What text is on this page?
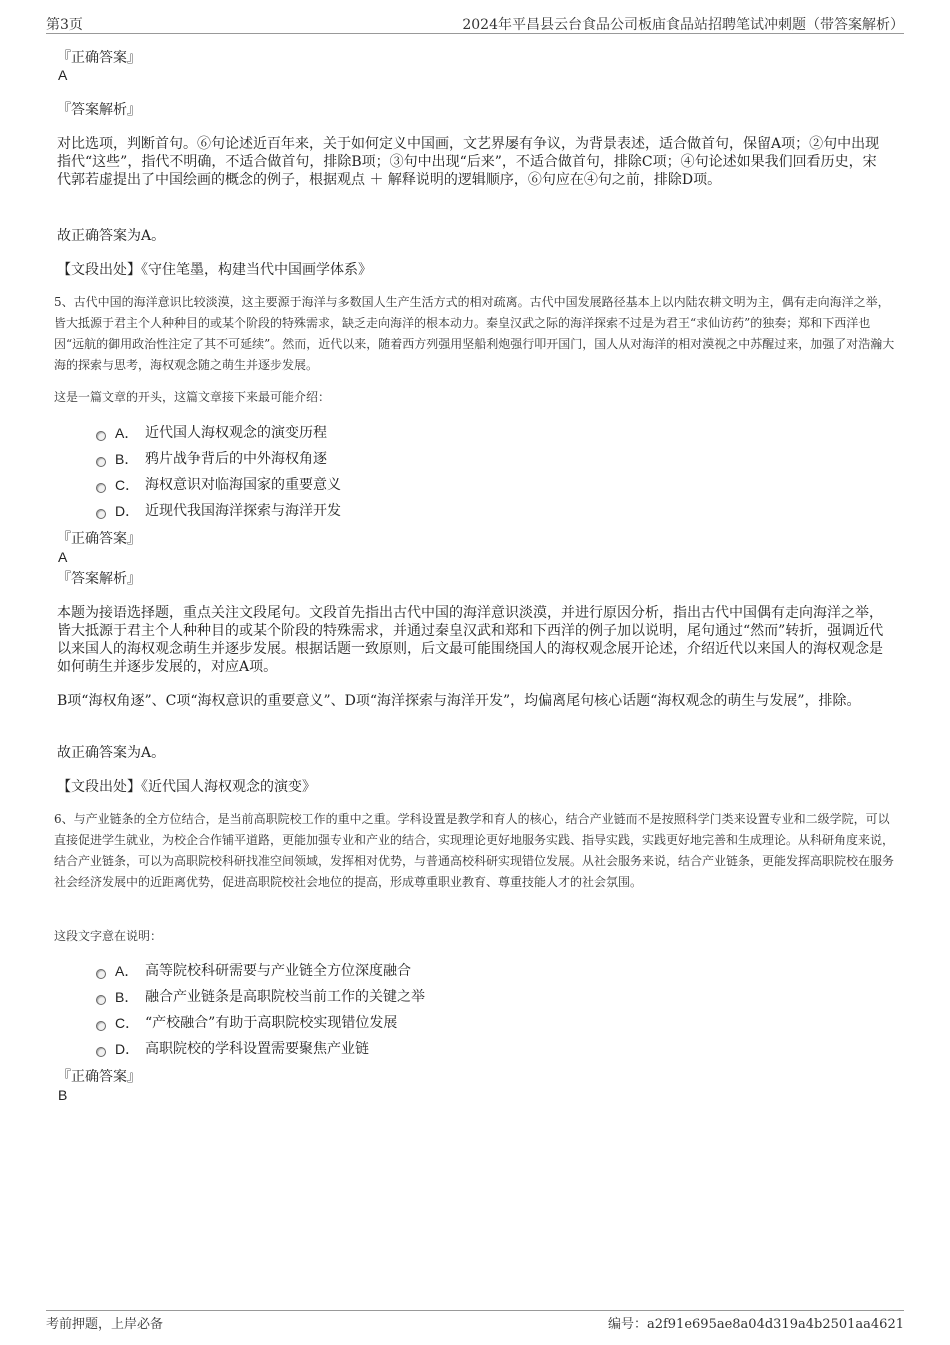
第3页	2024年平昌县云台食品公司板庙食品站招聘笔试冲刺题（带答案解析）
『正确答案』
A
『答案解析』
对比选项，判断首句。⑥句论述近百年来，关于如何定义中国画，文艺界屡有争议，为背景表述，适合做首句，保留A项；②句中出现指代“这些”，指代不明确，不适合做首句，排除B项；③句中出现“后来”，不适合做首句，排除C项；④句论述如果我们回看历史，宋代郭若虚提出了中国绘画的概念的例子，根据观点 ＋ 解释说明的逻辑顺序，⑥句应在④句之前，排除D项。
故正确答案为A。
【文段出处】《守住笔墨，构建当代中国画学体系》
5、古代中国的海洋意识比较淡漠，这主要源于海洋与多数国人生产生活方式的相对疏离。古代中国发展路径基本上以内陆农耕文明为主，偶有走向海洋之举，皆大抵源于君主个人种种目的或某个阶段的特殊需求，缺乏走向海洋的根本动力。秦皇汉武之际的海洋探索不过是为君王“求仙访药”的独奏；郑和下西洋也因“远航的御用政治性注定了其不可延续”。然而，近代以来，随着西方列强用坚船利炮强行叩开国门，国人从对海洋的相对漠视之中苏醒过来，加强了对浩瀚大海的探索与思考，海权观念随之萌生并逐步发展。
这是一篇文章的开头，这篇文章接下来最可能介绍：
A． 近代国人海权观念的演变历程
B． 鸦片战争背后的中外海权角逐
C． 海权意识对临海国家的重要意义
D． 近现代我国海洋探索与海洋开发
『正确答案』
A
『答案解析』
本题为接语选择题，重点关注文段尾句。文段首先指出古代中国的海洋意识淡漠，并进行原因分析，指出古代中国偶有走向海洋之举，皆大抵源于君主个人种种目的或某个阶段的特殊需求，并通过秦皇汉武和郑和下西洋的例子加以说明，尾句通过“然而”转折，强调近代以来国人的海权观念萌生并逐步发展。根据话题一致原则，后文最可能围绕国人的海权观念展开论述，介绍近代以来国人的海权观念是如何萌生并逐步发展的，对应A项。
B项“海权角逐”、C项“海权意识的重要意义”、D项“海洋探索与海洋开发”，均偏离尾句核心话题“海权观念的萌生与发展”，排除。
故正确答案为A。
【文段出处】《近代国人海权观念的演变》
6、与产业链条的全方位结合，是当前高职院校工作的重中之重。学科设置是教学和育人的核心，结合产业链而不是按照科学门类来设置专业和二级学院，可以直接促进学生就业，为校企合作铺平道路，更能加强专业和产业的结合，实现理论更好地服务实践、指导实践，实践更好地完善和生成理论。从科研角度来说，结合产业链条，可以为高职院校科研找准空间领域，发挥相对优势，与普通高校科研实现错位发展。从社会服务来说，结合产业链条，更能发挥高职院校在服务社会经济发展中的近距离优势，促进高职院校社会地位的提高，形成尊重职业教育、尊重技能人才的社会氛围。
这段文字意在说明：
A． 高等院校科研需要与产业链全方位深度融合
B． 融合产业链条是高职院校当前工作的关键之举
C． “产校融合”有助于高职院校实现错位发展
D． 高职院校的学科设置需要聚焦产业链
『正确答案』
B
考前押题，上岸必备	编号：a2f91e695ae8a04d319a4b2501aa4621
